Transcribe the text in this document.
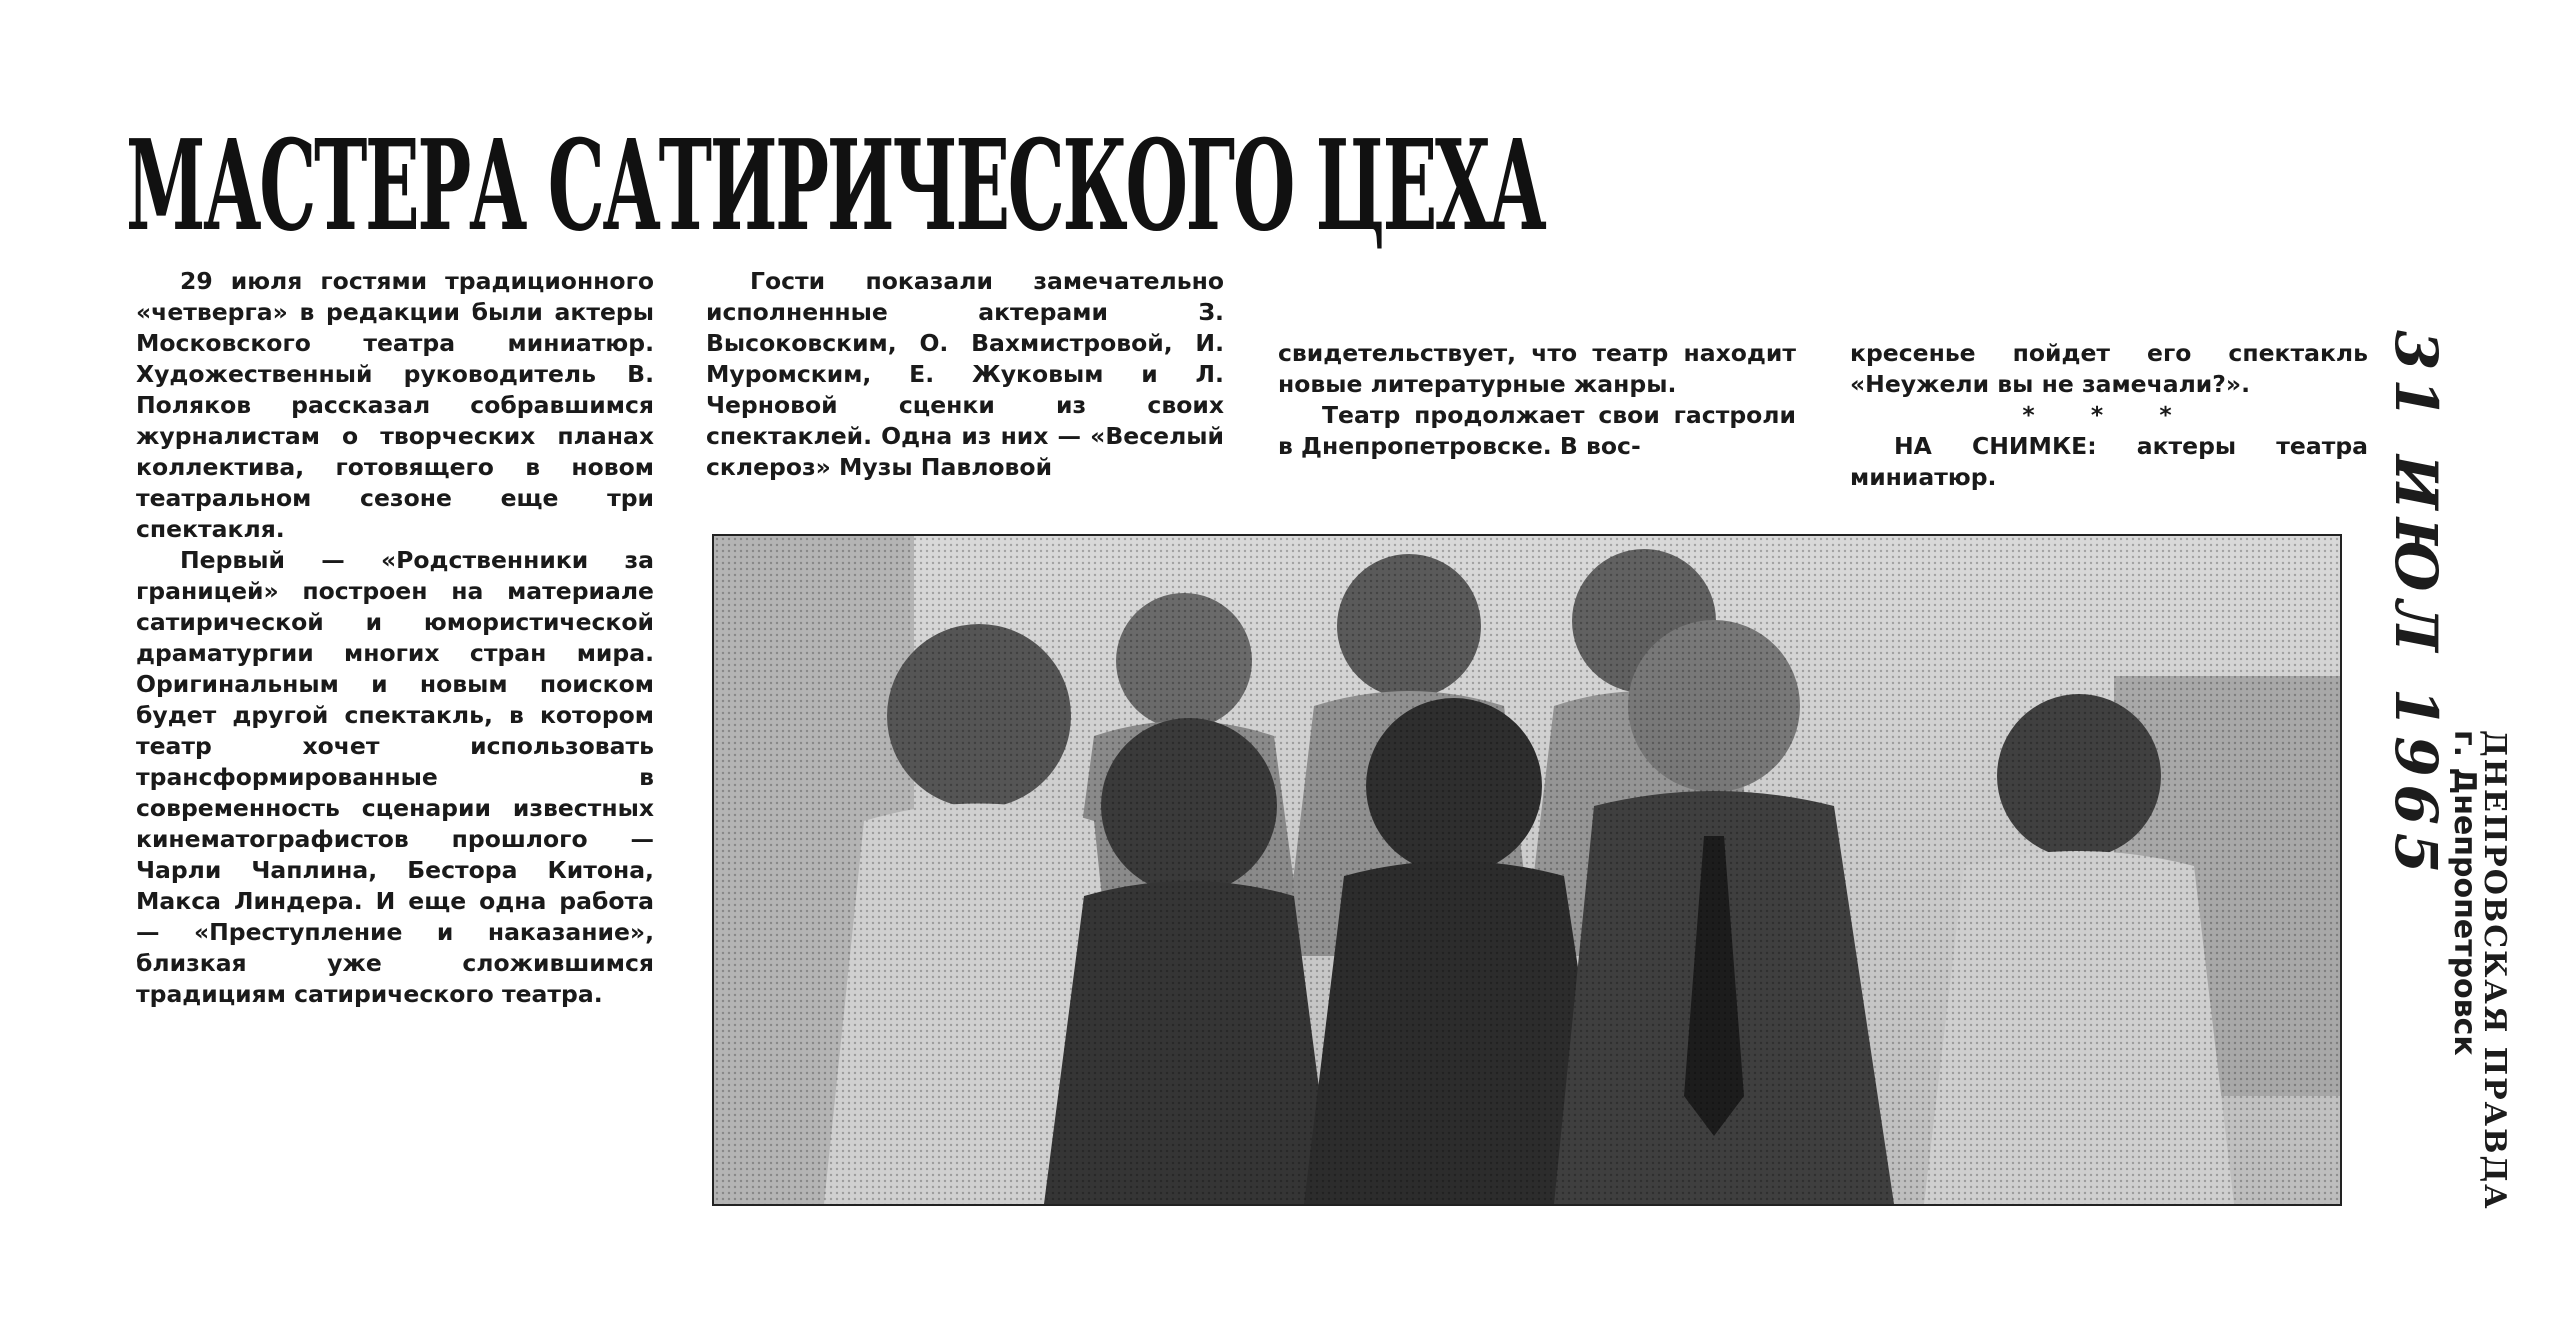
МАСТЕРА САТИРИЧЕСКОГО ЦЕХА

29 июля гостями традиционного «четверга» в редакции были актеры Московского театра миниатюр. Художественный руководитель В. Поляков рассказал собравшимся журналистам о творческих планах коллектива, готовящего в новом театральном сезоне еще три спектакля.

Первый — «Родственники за границей» построен на материале сатирической и юмористической драматургии многих стран мира. Оригинальным и новым поиском будет другой спектакль, в котором театр хочет использовать трансформированные в современность сценарии известных кинематографистов прошлого — Чарли Чаплина, Бестора Китона, Макса Линдера. И еще одна работа — «Преступление и наказание», близкая уже сложившимся традициям сатирического театра.

Гости показали замечательно исполненные актерами З. Высоковским, О. Вахмистровой, И. Муромским, Е. Жуковым и Л. Черновой сценки из своих спектаклей. Одна из них — «Веселый склероз» Музы Павловой

свидетельствует, что театр находит новые литературные жанры.

Театр продолжает свои гастроли в Днепропетровске. В вос-

кресенье пойдет его спектакль «Неужели вы не замечали?».

* * *

НА СНИМКЕ: актеры театра миниатюр.	31 ИЮЛ 1965
ДНЕПРОВСКАЯ ПРАВДА
г. Днепропетровск
